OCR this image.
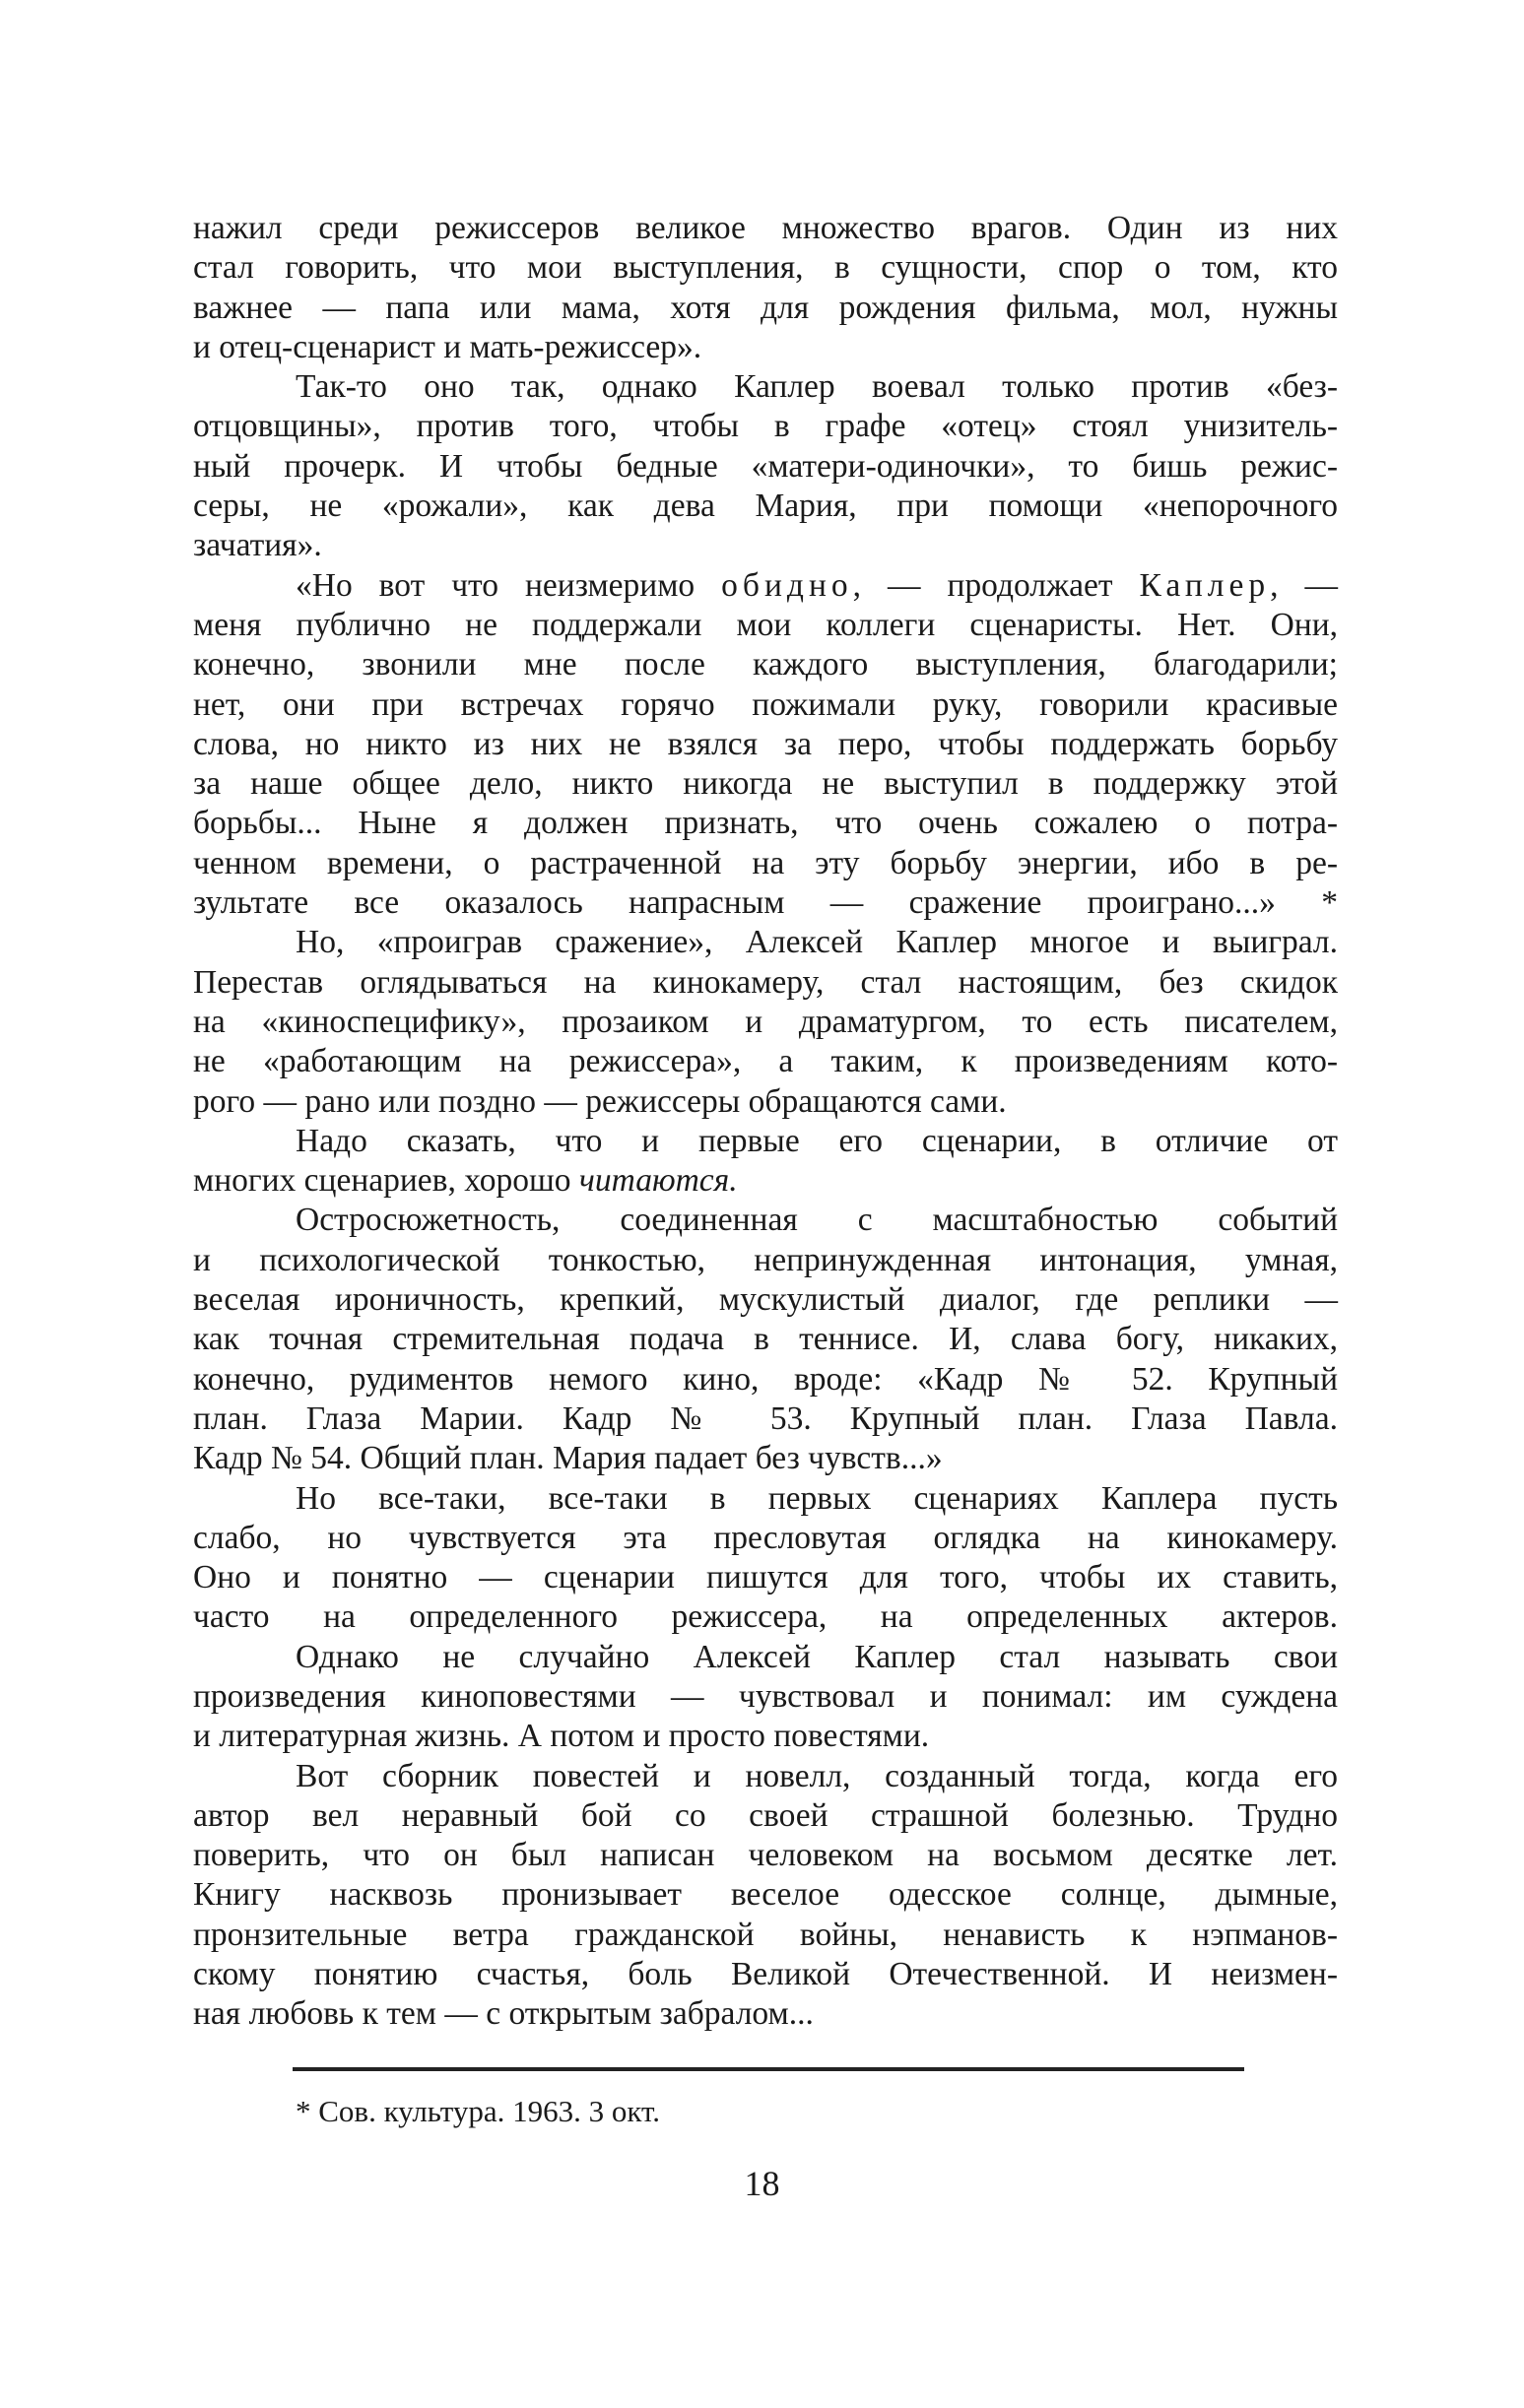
нажил среди режиссеров великое множество врагов. Один из них
стал говорить, что мои выступления, в сущности, спор о том, кто
важнее — папа или мама, хотя для рождения фильма, мол, нужны
и отец-сценарист и мать-режиссер».
Так-то оно так, однако Каплер воевал только против «без-
отцовщины», против того, чтобы в графе «отец» стоял унизитель-
ный прочерк. И чтобы бедные «матери-одиночки», то бишь режис-
серы, не «рожали», как дева Мария, при помощи «непорочного
зачатия».
«Но вот что неизмеримо обидно, — продолжает Каплер, —
меня публично не поддержали мои коллеги сценаристы. Нет. Они,
конечно, звонили мне после каждого выступления, благодарили;
нет, они при встречах горячо пожимали руку, говорили красивые
слова, но никто из них не взялся за перо, чтобы поддержать борьбу
за наше общее дело, никто никогда не выступил в поддержку этой
борьбы... Ныне я должен признать, что очень сожалею о потра-
ченном времени, о растраченной на эту борьбу энергии, ибо в ре-
зультате все оказалось напрасным — сражение проиграно...» *
Но, «проиграв сражение», Алексей Каплер многое и выиграл.
Перестав оглядываться на кинокамеру, стал настоящим, без скидок
на «киноспецифику», прозаиком и драматургом, то есть писателем,
не «работающим на режиссера», а таким, к произведениям кото-
рого — рано или поздно — режиссеры обращаются сами.
Надо сказать, что и первые его сценарии, в отличие от
многих сценариев, хорошо читаются.
Остросюжетность, соединенная с масштабностью событий
и психологической тонкостью, непринужденная интонация, умная,
веселая ироничность, крепкий, мускулистый диалог, где реплики —
как точная стремительная подача в теннисе. И, слава богу, никаких,
конечно, рудиментов немого кино, вроде: «Кадр № 52. Крупный
план. Глаза Марии. Кадр № 53. Крупный план. Глаза Павла.
Кадр № 54. Общий план. Мария падает без чувств...»
Но все-таки, все-таки в первых сценариях Каплера пусть
слабо, но чувствуется эта пресловутая оглядка на кинокамеру.
Оно и понятно — сценарии пишутся для того, чтобы их ставить,
часто на определенного режиссера, на определенных актеров.
Однако не случайно Алексей Каплер стал называть свои
произведения киноповестями — чувствовал и понимал: им суждена
и литературная жизнь. А потом и просто повестями.
Вот сборник повестей и новелл, созданный тогда, когда его
автор вел неравный бой со своей страшной болезнью. Трудно
поверить, что он был написан человеком на восьмом десятке лет.
Книгу насквозь пронизывает веселое одесское солнце, дымные,
пронзительные ветра гражданской войны, ненависть к нэпманов-
скому понятию счастья, боль Великой Отечественной. И неизмен-
ная любовь к тем — с открытым забралом...
* Сов. культура. 1963. 3 окт.
18
